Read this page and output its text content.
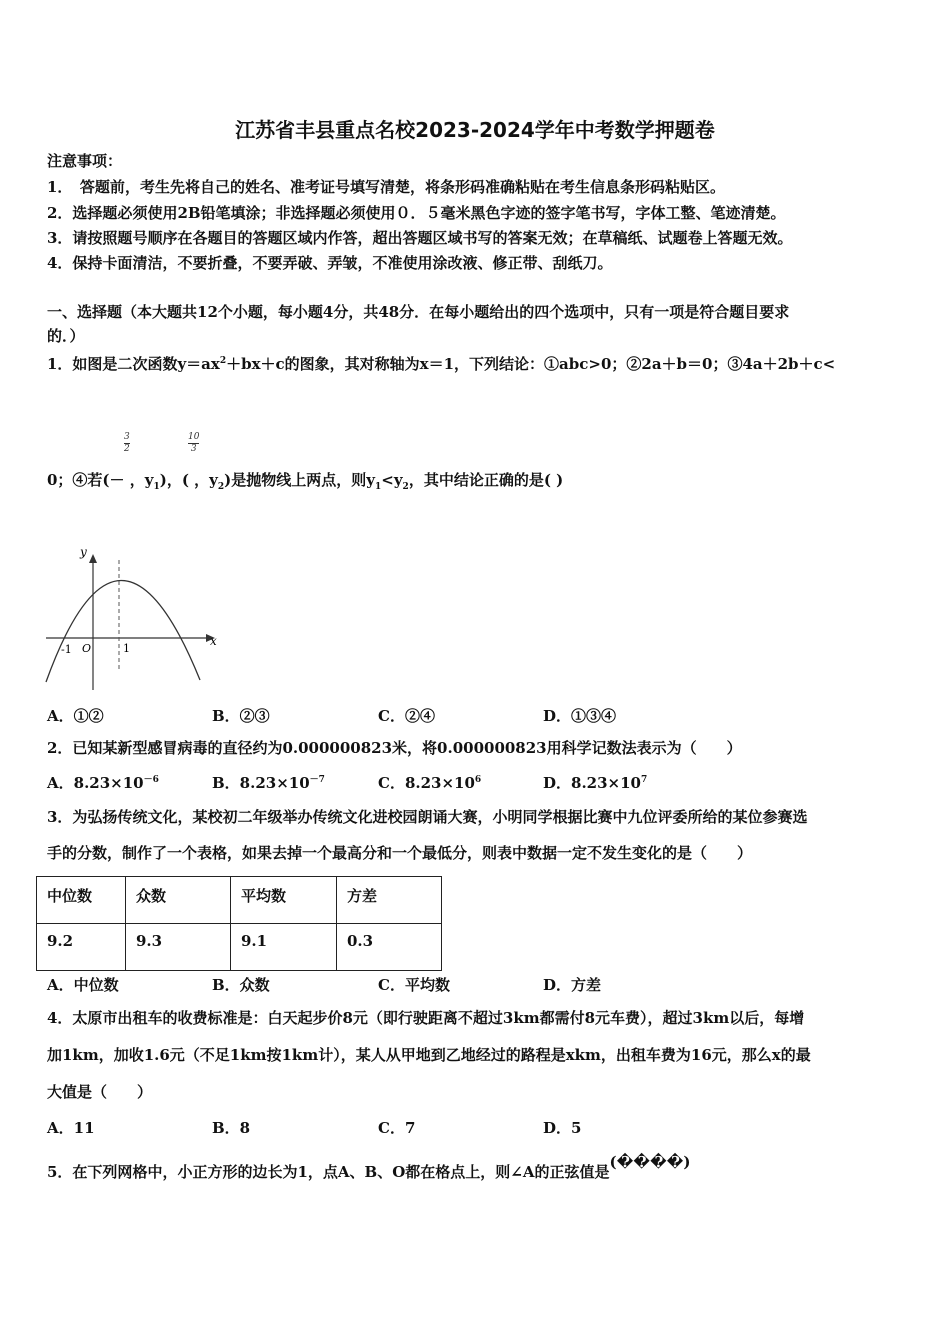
江苏省丰县重点名校2023-2024学年中考数学押题卷
注意事项：
1．　答题前，考生先将自己的姓名、准考证号填写清楚，将条形码准确粘贴在考生信息条形码粘贴区。
2．选择题必须使用2B铅笔填涂；非选择题必须使用０．５毫米黑色字迹的签字笔书写，字体工整、笔迹清楚。
3．请按照题号顺序在各题目的答题区域内作答，超出答题区域书写的答案无效；在草稿纸、试题卷上答题无效。
4．保持卡面清洁，不要折叠，不要弄破、弄皱，不准使用涂改液、修正带、刮纸刀。
一、选择题（本大题共12个小题，每小题4分，共48分．在每小题给出的四个选项中，只有一项是符合题目要求
的．）
1．如图是二次函数$y=ax^2+bx+c$的图象，其对称轴为x＝1，下列结论：①abc>0；②2a＋b＝0；③4a＋2b＋c<
$\frac{3}{2}$	$\frac{10}{3}$
0；④若(－ ，$y_1$)，( ，$y_2$)是抛物线上两点，则$y_1<y_2$，其中结论正确的是( )
y
x
O
-1	1
A．①②	B．②③	C．②④	D．①③④
2．已知某新型感冒病毒的直径约为0.000000823米，将0.000000823用科学记数法表示为（　　）
A．$8.23\times 10^{-6}$	B．$8.23\times 10^{-7}$	C．$8.23\times 10^6$	D．$8.23\times 10^7$
3．为弘扬传统文化，某校初二年级举办传统文化进校园朗诵大赛，小明同学根据比赛中九位评委所给的某位参赛选
手的分数，制作了一个表格，如果去掉一个最高分和一个最低分，则表中数据一定不发生变化的是（　　）
中位数	众数	平均数	方差
9.2	9.3	9.1	0.3
A．中位数	B．众数	C．平均数	D．方差
4．太原市出租车的收费标准是：白天起步价8元（即行驶距离不超过3km都需付8元车费），超过3km以后，每增
加1km，加收1.6元（不足1km按1km计），某人从甲地到乙地经过的路程是xkm，出租车费为16元，那么x的最
大值是（　　）
A．11	B．8	C．7	D．5
5．在下列网格中，小正方形的边长为1，点A、B、O都在格点上，则∠A的正弦值是(����)
